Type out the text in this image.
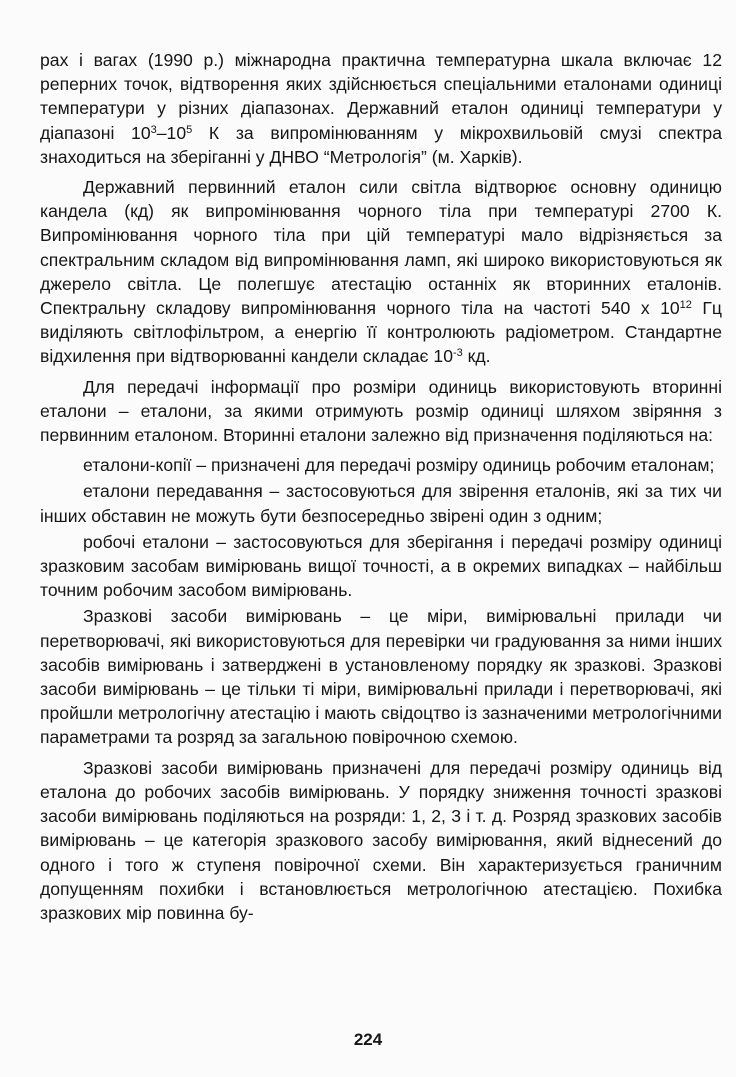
рах і вагах (1990 р.) міжнародна практична температурна шкала включає 12 реперних точок, відтворення яких здійснюється спеціальними еталонами одиниці температури у різних діапазонах. Державний еталон одиниці температури у діапазоні $10^3-10^5$ К за випромінюванням у мікрохвильовій смузі спектра знаходиться на зберіганні у ДНВО “Метрологія” (м. Харків).

Державний первинний еталон сили світла відтворює основну одиницю кандела (кд) як випромінювання чорного тіла при температурі 2700 К. Випромінювання чорного тіла при цій температурі мало відрізняється за спектральним складом від випромінювання ламп, які широко використовуються як джерело світла. Це полегшує атестацію останніх як вторинних еталонів. Спектральну складову випромінювання чорного тіла на частоті 540 х $10^{12}$ Гц виділяють світлофільтром, а енергію її контролюють радіометром. Стандартне відхилення при відтворюванні кандели складає $10^{-3}$ кд.

Для передачі інформації про розміри одиниць використовують вторинні еталони – еталони, за якими отримують розмір одиниці шляхом звіряння з первинним еталоном. Вторинні еталони залежно від призначення поділяються на:

еталони-копії – призначені для передачі розміру одиниць робочим еталонам;

еталони передавання – застосовуються для звірення еталонів, які за тих чи інших обставин не можуть бути безпосередньо звірені один з одним;

робочі еталони – застосовуються для зберігання і передачі розміру одиниці зразковим засобам вимірювань вищої точності, а в окремих випадках – найбільш точним робочим засобом вимірювань.

Зразкові засоби вимірювань – це міри, вимірювальні прилади чи перетворювачі, які використовуються для перевірки чи градуювання за ними інших засобів вимірювань і затверджені в установленому порядку як зразкові. Зразкові засоби вимірювань – це тільки ті міри, вимірювальні прилади і перетворювачі, які пройшли метрологічну атестацію і мають свідоцтво із зазначеними метрологічними параметрами та розряд за загальною повірочною схемою.

Зразкові засоби вимірювань призначені для передачі розміру одиниць від еталона до робочих засобів вимірювань. У порядку зниження точності зразкові засоби вимірювань поділяються на розряди: 1, 2, 3 і т. д. Розряд зразкових засобів вимірювань – це категорія зразкового засобу вимірювання, який віднесений до одного і того ж ступеня повірочної схеми. Він характеризується граничним допущенням похибки і встановлюється метрологічною атестацією. Похибка зразкових мір повинна бу-

224
